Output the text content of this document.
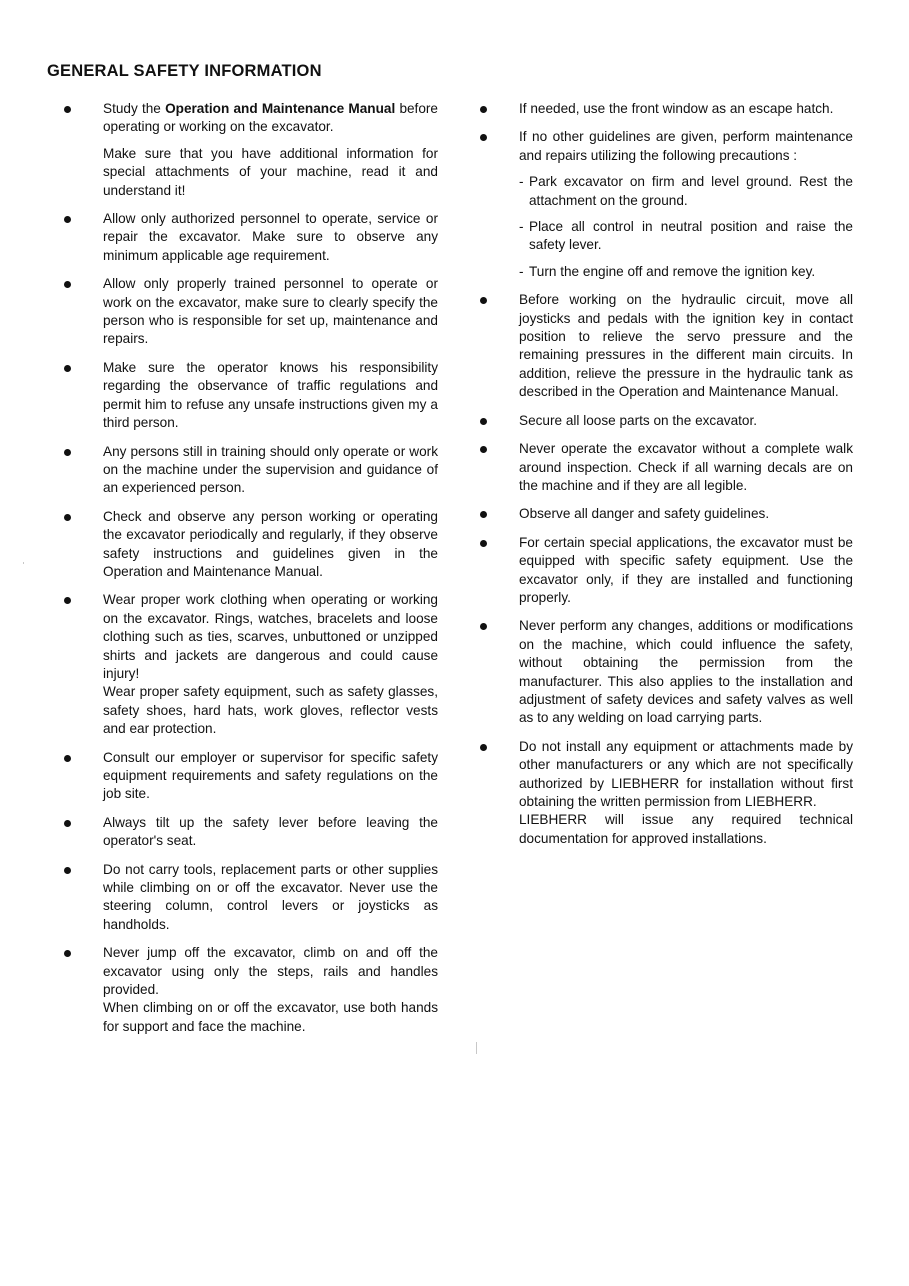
GENERAL SAFETY INFORMATION

Study the Operation and Maintenance Manual before operating or working on the excavator.

Make sure that you have additional information for special attachments of your machine, read it and understand it!

Allow only authorized personnel to operate, service or repair the excavator. Make sure to observe any minimum applicable age requirement.

Allow only properly trained personnel to operate or work on the excavator, make sure to clearly specify the person who is responsible for set up, maintenance and repairs.

Make sure the operator knows his responsibility regarding the observance of traffic regulations and permit him to refuse any unsafe instructions given my a third person.

Any persons still in training should only operate or work on the machine under the supervision and guidance of an experienced person.

Check and observe any person working or operating the excavator periodically and regularly, if they observe safety instructions and guidelines given in the Operation and Maintenance Manual.

Wear proper work clothing when operating or working on the excavator. Rings, watches, bracelets and loose clothing such as ties, scarves, unbuttoned or unzipped shirts and jackets are dangerous and could cause injury!

Wear proper safety equipment, such as safety glasses, safety shoes, hard hats, work gloves, reflector vests and ear protection.

Consult our employer or supervisor for specific safety equipment requirements and safety regulations on the job site.

Always tilt up the safety lever before leaving the operator's seat.

Do not carry tools, replacement parts or other supplies while climbing on or off the excavator. Never use the steering column, control levers or joysticks as handholds.

Never jump off the excavator, climb on and off the excavator using only the steps, rails and handles provided.

When climbing on or off the excavator, use both hands for support and face the machine.

If needed, use the front window as an escape hatch.

If no other guidelines are given, perform maintenance and repairs utilizing the following precautions :

- Park excavator on firm and level ground. Rest the attachment on the ground.

- Place all control in neutral position and raise the safety lever.

- Turn the engine off and remove the ignition key.

Before working on the hydraulic circuit, move all joysticks and pedals with the ignition key in contact position to relieve the servo pressure and the remaining pressures in the different main circuits. In addition, relieve the pressure in the hydraulic tank as described in the Operation and Maintenance Manual.

Secure all loose parts on the excavator.

Never operate the excavator without a complete walk around inspection. Check if all warning decals are on the machine and if they are all legible.

Observe all danger and safety guidelines.

For certain special applications, the excavator must be equipped with specific safety equipment. Use the excavator only, if they are installed and functioning properly.

Never perform any changes, additions or modifications on the machine, which could influence the safety, without obtaining the permission from the manufacturer. This also applies to the installation and adjustment of safety devices and safety valves as well as to any welding on load carrying parts.

Do not install any equipment or attachments made by other manufacturers or any which are not specifically authorized by LIEBHERR for installation without first obtaining the written permission from LIEBHERR.

LIEBHERR will issue any required technical documentation for approved installations.
